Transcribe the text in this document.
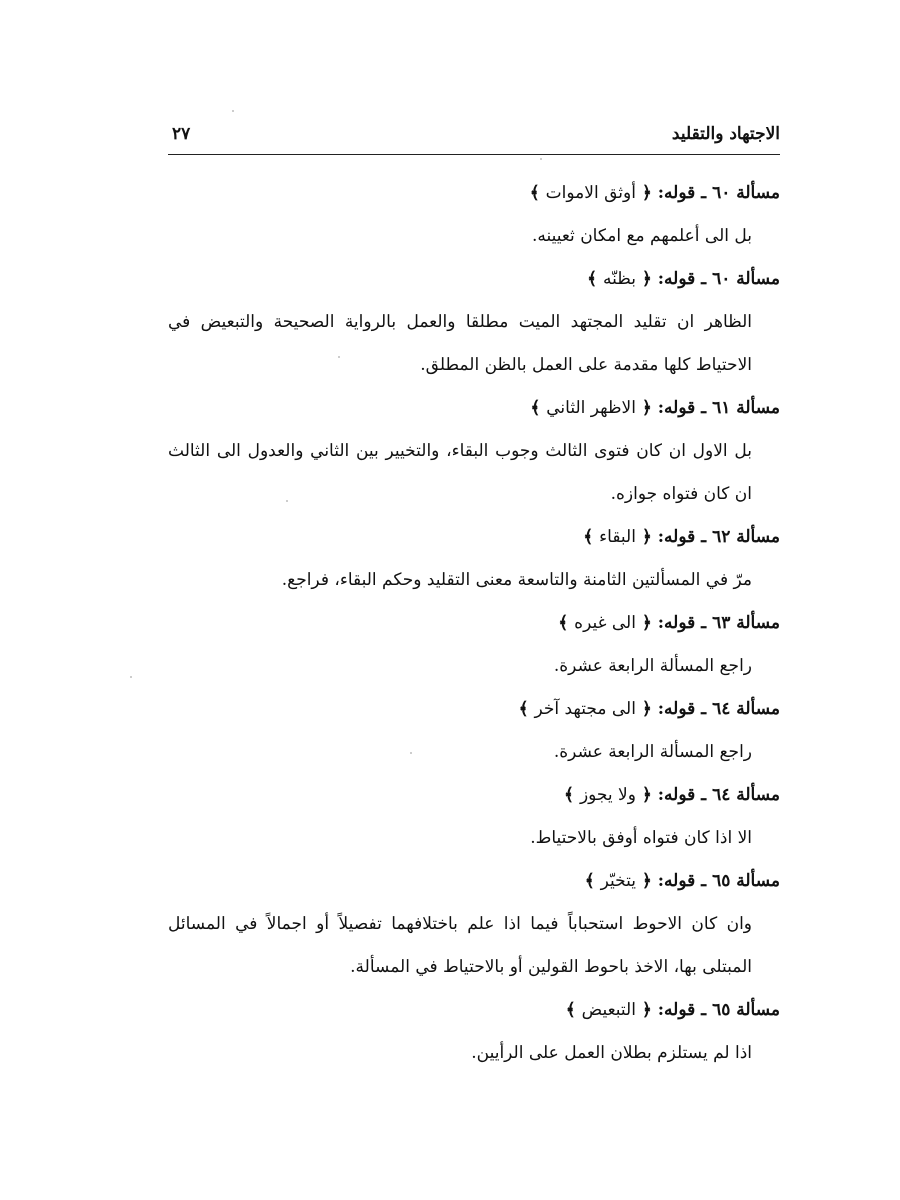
الاجتهاد والتقليد
٢٧
مسألة ٦٠ ـ قوله: ﴿ أوثق الاموات ﴾

بل الى أعلمهم مع امكان ثعيينه.

مسألة ٦٠ ـ قوله: ﴿ بظنّه ﴾

الظاهر ان تقليد المجتهد الميت مطلقا والعمل بالرواية الصحيحة والتبعيض في الاحتياط كلها مقدمة على العمل بالظن المطلق.

مسألة ٦١ ـ قوله: ﴿ الاظهر الثاني ﴾

بل الاول ان كان فتوى الثالث وجوب البقاء، والتخيير بين الثاني والعدول الى الثالث ان كان فتواه جوازه.

مسألة ٦٢ ـ قوله: ﴿ البقاء ﴾

مرّ في المسألتين الثامنة والتاسعة معنى التقليد وحكم البقاء، فراجع.

مسألة ٦٣ ـ قوله: ﴿ الى غيره ﴾

راجع المسألة الرابعة عشرة.

مسألة ٦٤ ـ قوله: ﴿ الى مجتهد آخر ﴾

راجع المسألة الرابعة عشرة.

مسألة ٦٤ ـ قوله: ﴿ ولا يجوز ﴾

الا اذا كان فتواه أوفق بالاحتياط.

مسألة ٦٥ ـ قوله: ﴿ يتخيّر ﴾

وان كان الاحوط استحباباً فيما اذا علم باختلافهما تفصيلاً أو اجمالاً في المسائل المبتلى بها، الاخذ باحوط القولين أو بالاحتياط في المسألة.

مسألة ٦٥ ـ قوله: ﴿ التبعيض ﴾

اذا لم يستلزم بطلان العمل على الرأيين.
